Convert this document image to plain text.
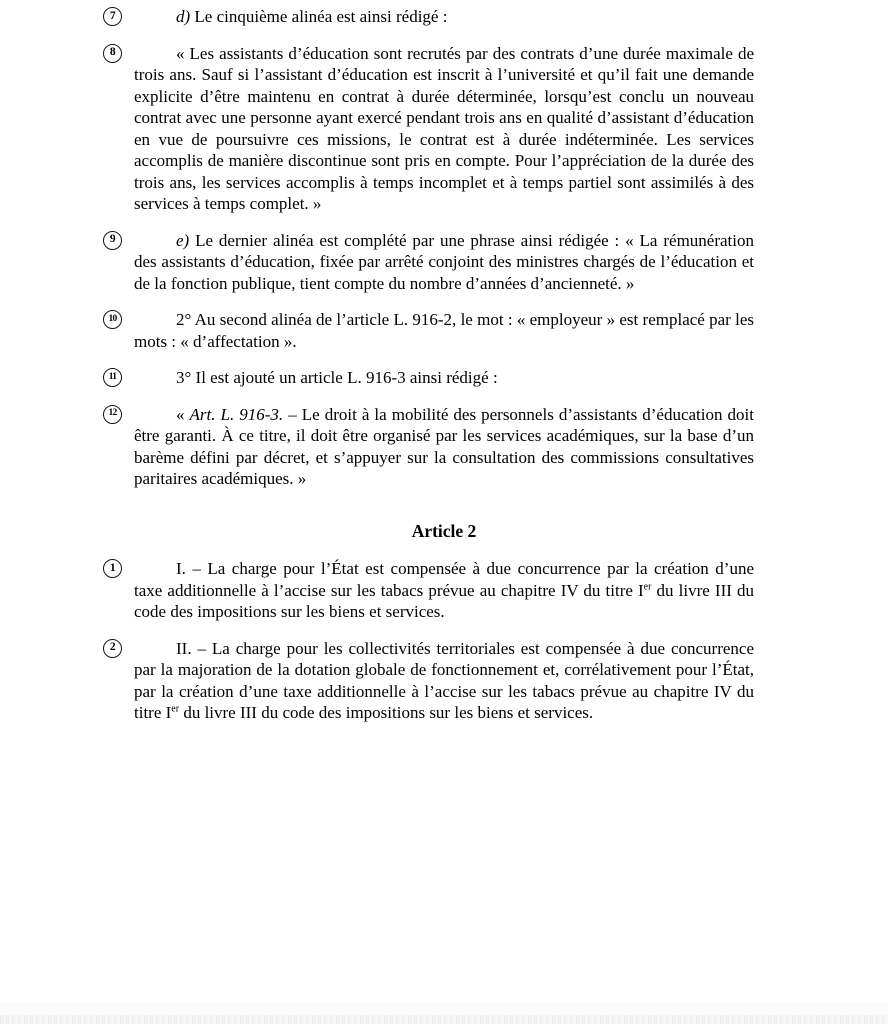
7	d) Le cinquième alinéa est ainsi rédigé :

8	« Les assistants d’éducation sont recrutés par des contrats d’une durée maximale de trois ans. Sauf si l’assistant d’éducation est inscrit à l’université et qu’il fait une demande explicite d’être maintenu en contrat à durée déterminée, lorsqu’est conclu un nouveau contrat avec une personne ayant exercé pendant trois ans en qualité d’assistant d’éducation en vue de poursuivre ces missions, le contrat est à durée indéterminée. Les services accomplis de manière discontinue sont pris en compte. Pour l’appréciation de la durée des trois ans, les services accomplis à temps incomplet et à temps partiel sont assimilés à des services à temps complet. »

9	e) Le dernier alinéa est complété par une phrase ainsi rédigée : « La rémunération des assistants d’éducation, fixée par arrêté conjoint des ministres chargés de l’éducation et de la fonction publique, tient compte du nombre d’années d’ancienneté. »

10	2° Au second alinéa de l’article L. 916-2, le mot : « employeur » est remplacé par les mots : « d’affectation ».

11	3° Il est ajouté un article L. 916-3 ainsi rédigé :

12	« Art. L. 916-3. – Le droit à la mobilité des personnels d’assistants d’éducation doit être garanti. À ce titre, il doit être organisé par les services académiques, sur la base d’un barème défini par décret, et s’appuyer sur la consultation des commissions consultatives paritaires académiques. »

Article 2
1	I. – La charge pour l’État est compensée à due concurrence par la création d’une taxe additionnelle à l’accise sur les tabacs prévue au chapitre IV du titre Ier du livre III du code des impositions sur les biens et services.

2	II. – La charge pour les collectivités territoriales est compensée à due concurrence par la majoration de la dotation globale de fonctionnement et, corrélativement pour l’État, par la création d’une taxe additionnelle à l’accise sur les tabacs prévue au chapitre IV du titre Ier du livre III du code des impositions sur les biens et services.
